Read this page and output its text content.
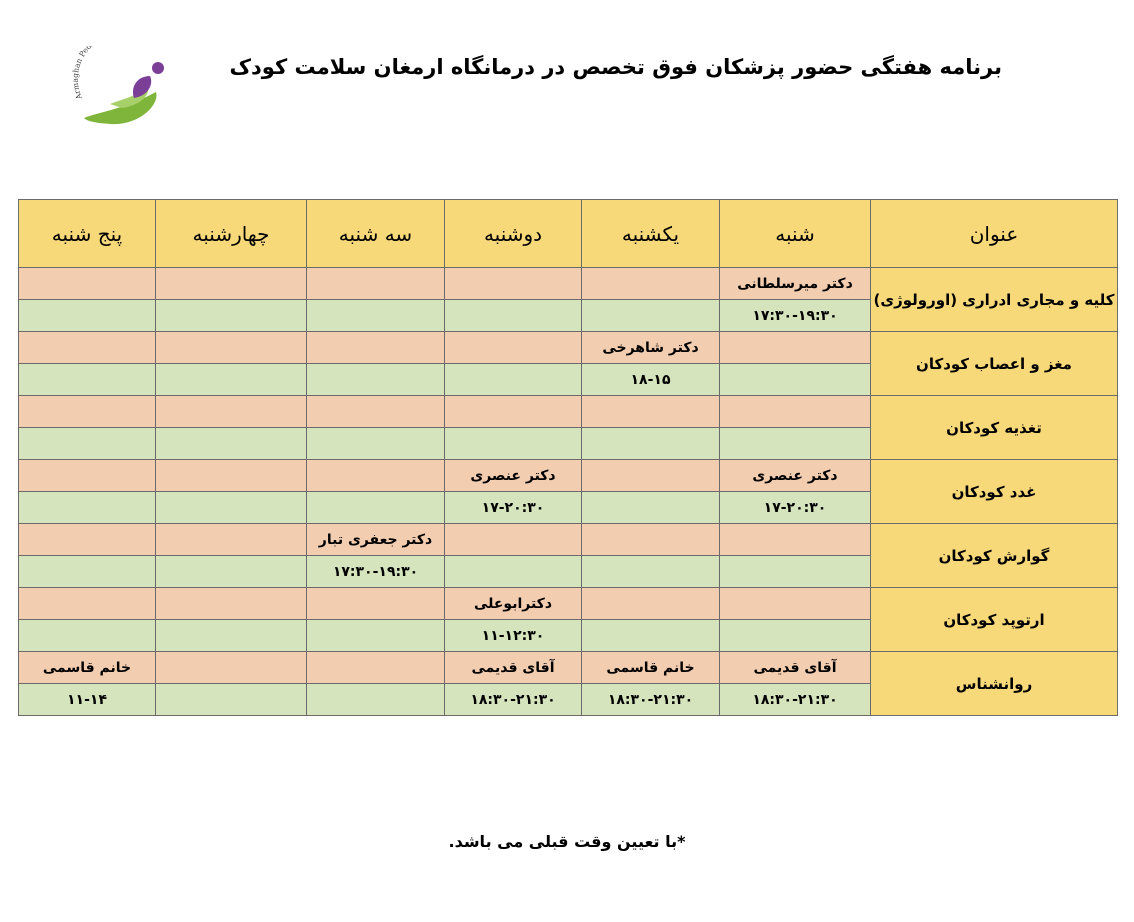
Armaghan Ped
برنامه هفتگی حضور پزشکان فوق تخصص در درمانگاه ارمغان سلامت کودک
عنوان	شنبه	یکشنبه	دوشنبه	سه شنبه	چهارشنبه	پنج شنبه
کلیه و مجاری ادراری (اورولوژی)	دکتر میرسلطانی					
	۱۷:۳۰-۱۹:۳۰					
مغز و اعصاب کودکان		دکتر شاهرخی				
		۱۸-۱۵				
تغذیه کودکان						

غدد کودکان	دکتر عنصری		دکتر عنصری			
	۱۷-۲۰:۳۰		۱۷-۲۰:۳۰			
گوارش کودکان				دکتر جعفری تبار		
				۱۷:۳۰-۱۹:۳۰		
ارتوپد کودکان			دکترابوعلی			
			۱۱-۱۲:۳۰			
روانشناس	آقای قدیمی	خانم قاسمی	آقای قدیمی			خانم قاسمی
	۱۸:۳۰-۲۱:۳۰	۱۸:۳۰-۲۱:۳۰	۱۸:۳۰-۲۱:۳۰			۱۱-۱۴
*با تعیین وقت قبلی می باشد.
